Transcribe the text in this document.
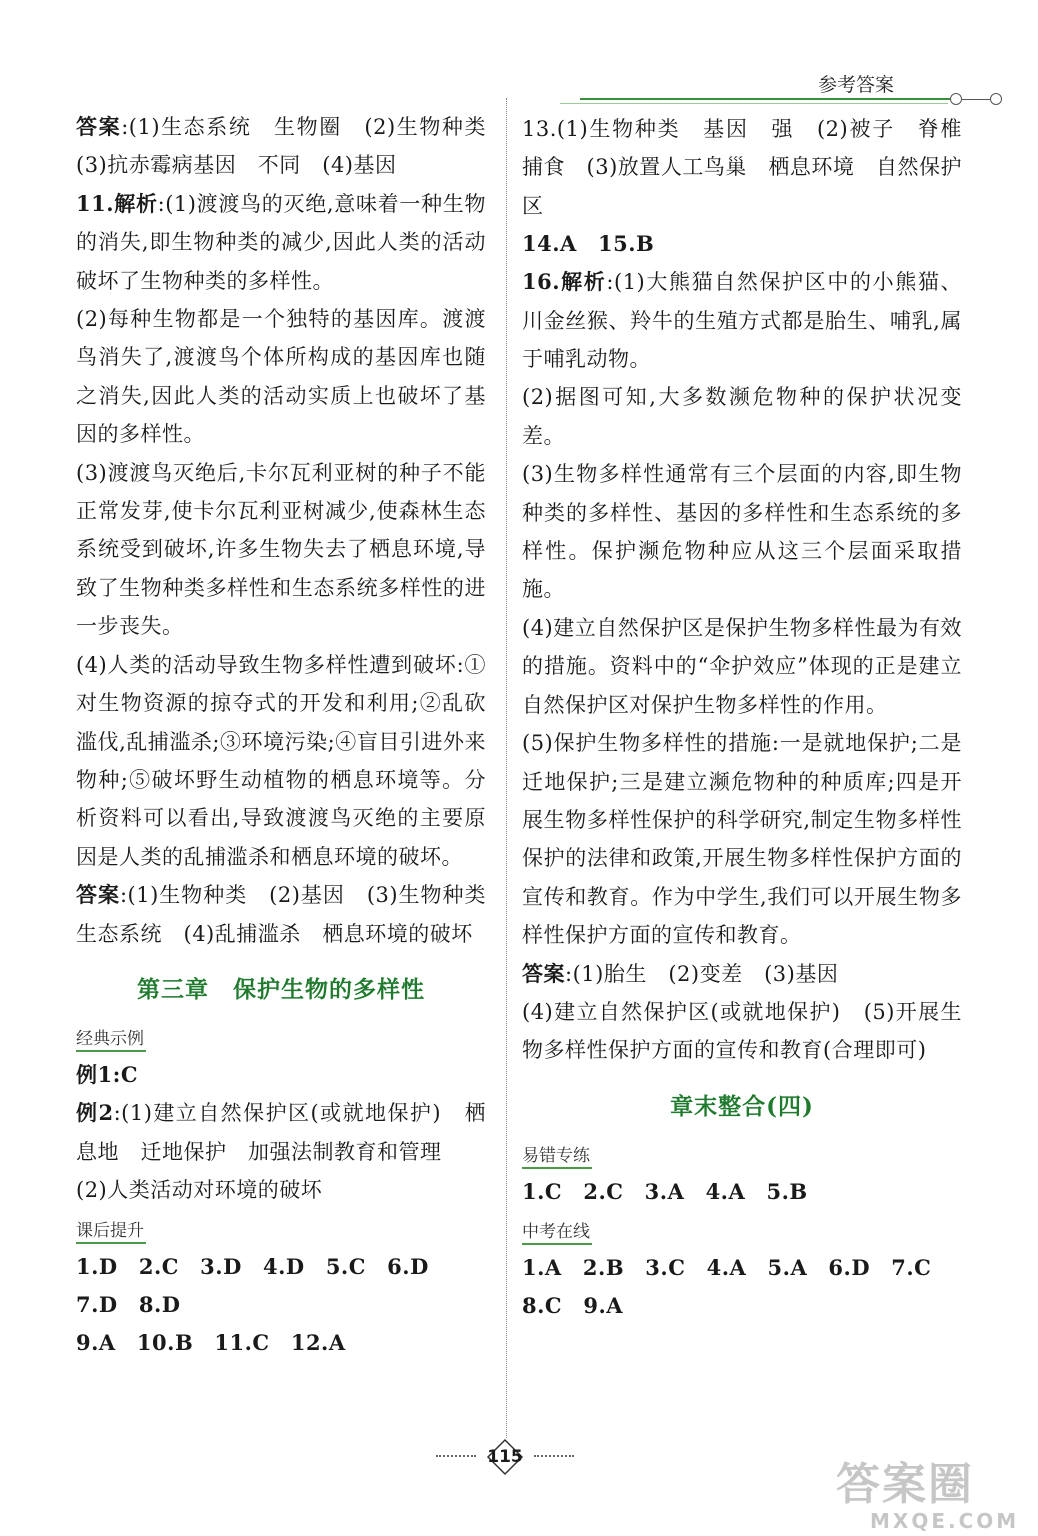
参考答案

答案:(1)生态系统　生物圈　(2)生物种类　(3)抗赤霉病基因　不同　(4)基因

11.解析:(1)渡渡鸟的灭绝,意味着一种生物的消失,即生物种类的减少,因此人类的活动破坏了生物种类的多样性。

(2)每种生物都是一个独特的基因库。渡渡鸟消失了,渡渡鸟个体所构成的基因库也随之消失,因此人类的活动实质上也破坏了基因的多样性。

(3)渡渡鸟灭绝后,卡尔瓦利亚树的种子不能正常发芽,使卡尔瓦利亚树减少,使森林生态系统受到破坏,许多生物失去了栖息环境,导致了生物种类多样性和生态系统多样性的进一步丧失。

(4)人类的活动导致生物多样性遭到破坏:①对生物资源的掠夺式的开发和利用;②乱砍滥伐,乱捕滥杀;③环境污染;④盲目引进外来物种;⑤破坏野生动植物的栖息环境等。分析资料可以看出,导致渡渡鸟灭绝的主要原因是人类的乱捕滥杀和栖息环境的破坏。

答案:(1)生物种类　(2)基因　(3)生物种类　生态系统　(4)乱捕滥杀　栖息环境的破坏

第三章　保护生物的多样性
经典示例

例1:C

例2:(1)建立自然保护区(或就地保护)　栖息地　迁地保护　加强法制教育和管理

(2)人类活动对环境的破坏

课后提升

1.D 2.C 3.D 4.D 5.C 6.D 7.D 8.D

9.A 10.B 11.C 12.A

13.(1)生物种类　基因　强　(2)被子　脊椎　捕食　(3)放置人工鸟巢　栖息环境　自然保护区

14.A 15.B

16.解析:(1)大熊猫自然保护区中的小熊猫、川金丝猴、羚牛的生殖方式都是胎生、哺乳,属于哺乳动物。

(2)据图可知,大多数濒危物种的保护状况变差。

(3)生物多样性通常有三个层面的内容,即生物种类的多样性、基因的多样性和生态系统的多样性。保护濒危物种应从这三个层面采取措施。

(4)建立自然保护区是保护生物多样性最为有效的措施。资料中的“伞护效应”体现的正是建立自然保护区对保护生物多样性的作用。

(5)保护生物多样性的措施:一是就地保护;二是迁地保护;三是建立濒危物种的种质库;四是开展生物多样性保护的科学研究,制定生物多样性保护的法律和政策,开展生物多样性保护方面的宣传和教育。作为中学生,我们可以开展生物多样性保护方面的宣传和教育。

答案:(1)胎生　(2)变差　(3)基因

(4)建立自然保护区(或就地保护)　(5)开展生物多样性保护方面的宣传和教育(合理即可)

章末整合(四)
易错专练

1.C 2.C 3.A 4.A 5.B

中考在线

1.A 2.B 3.C 4.A 5.A 6.D 7.C

8.C 9.A

115
答案圈
MXQE.COM
